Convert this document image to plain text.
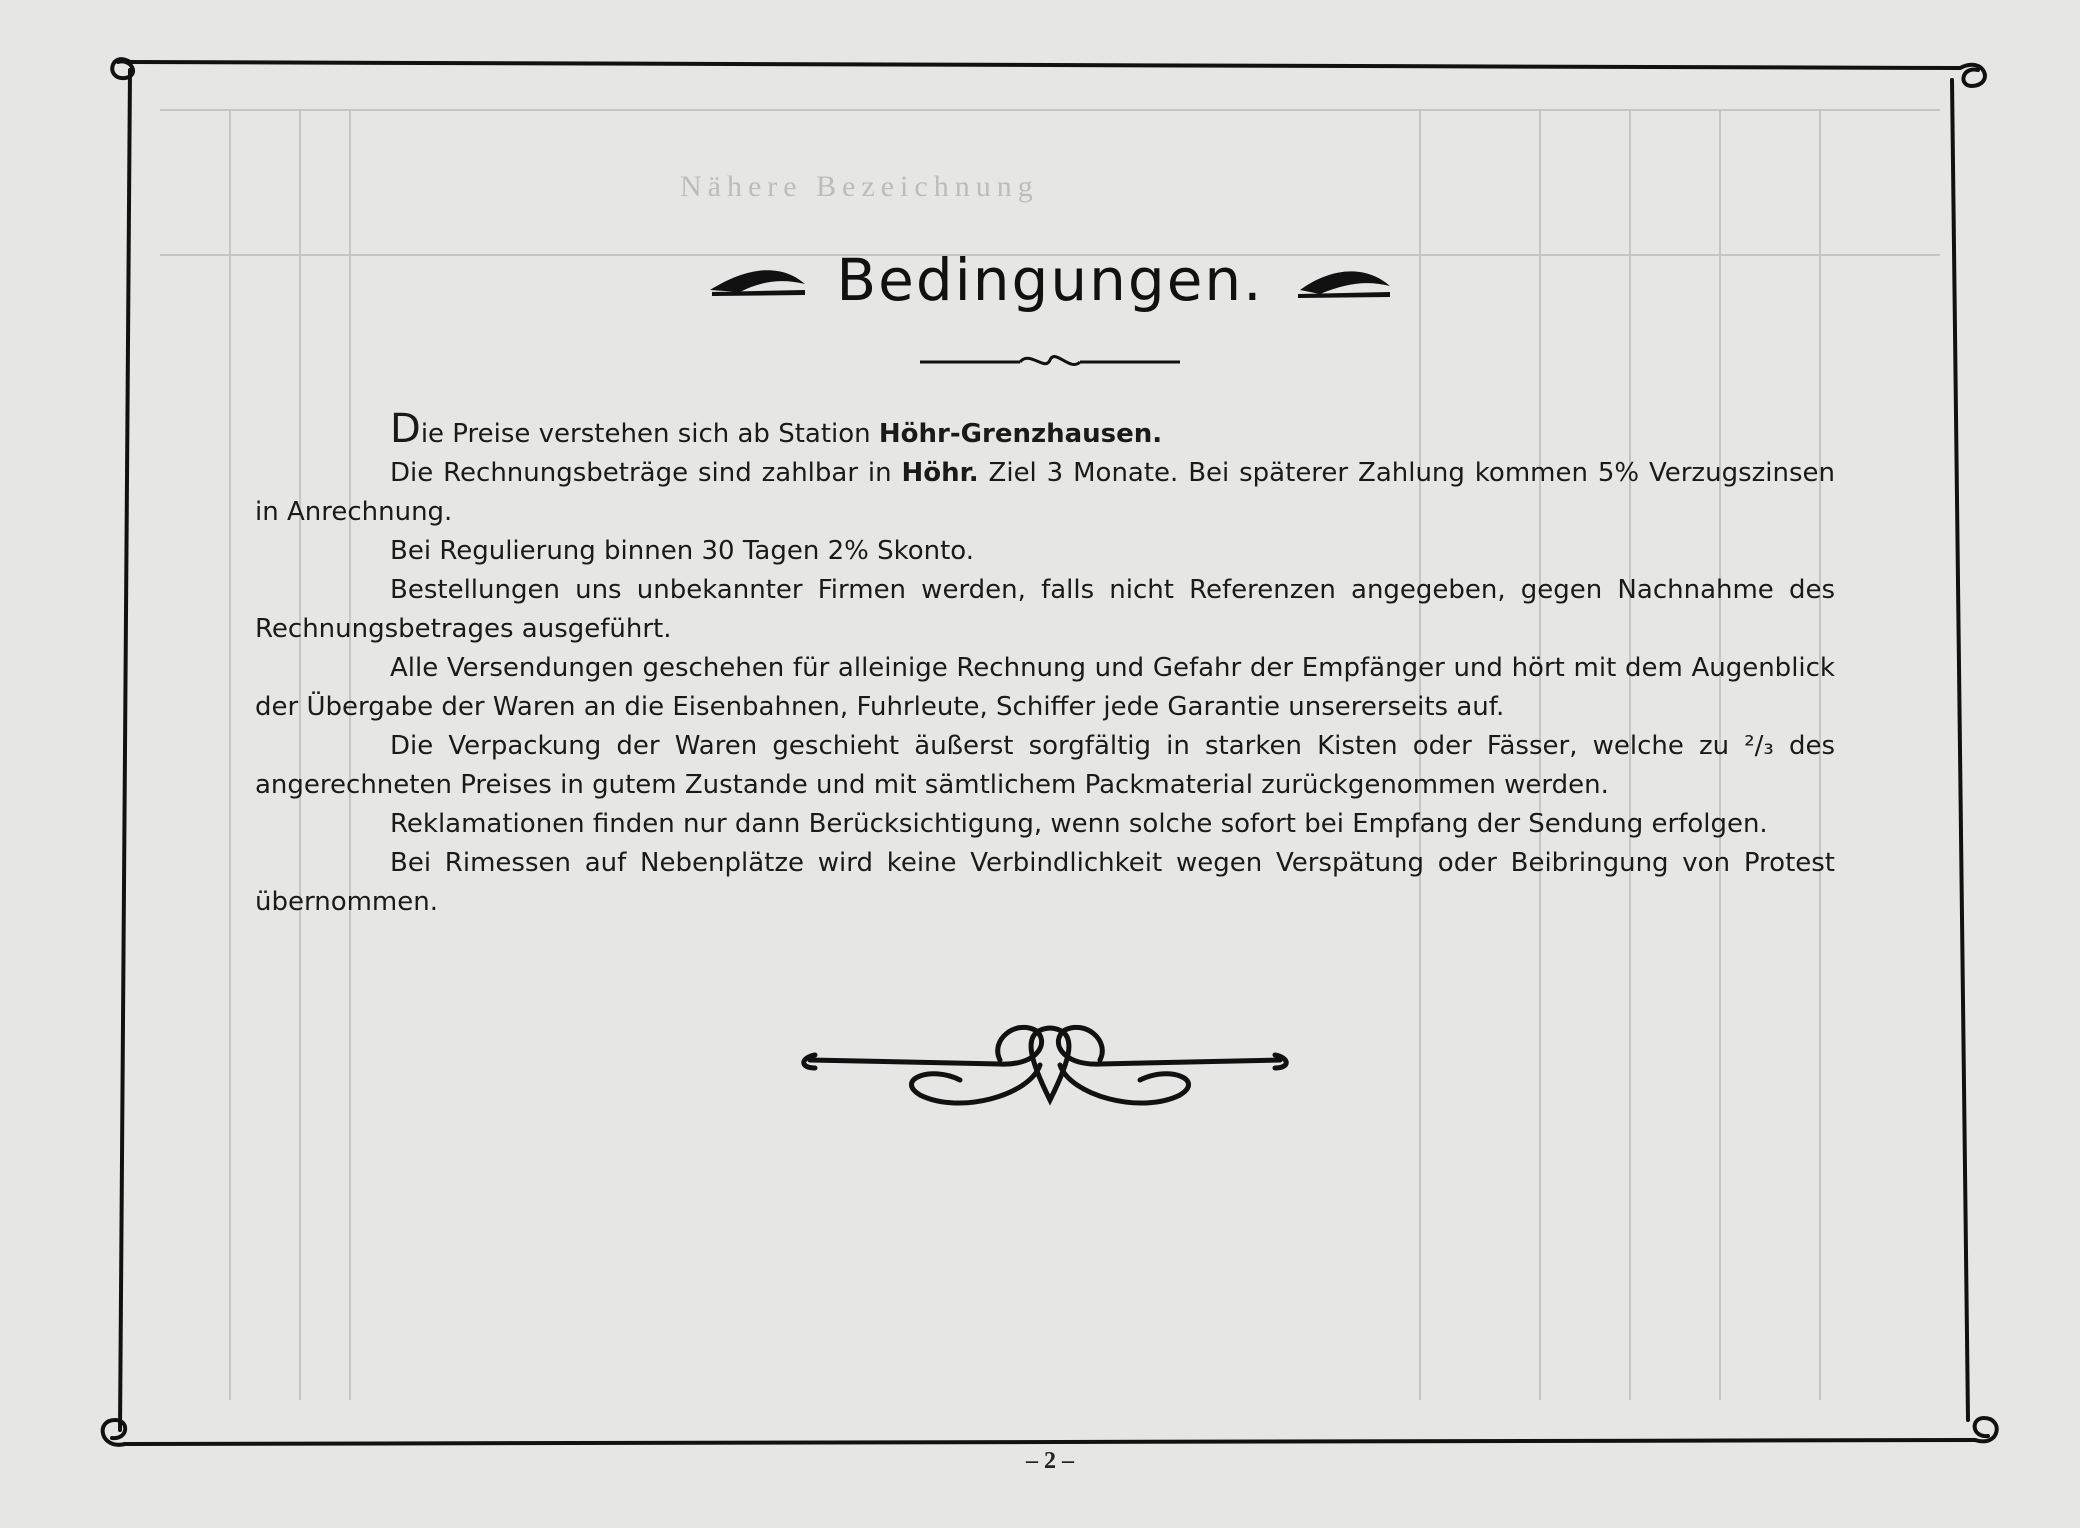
Nähere Bezeichnung
Bedingungen.

Die Preise verstehen sich ab Station Höhr-Grenzhausen.

Die Rechnungsbeträge sind zahlbar in Höhr. Ziel 3 Monate. Bei späterer Zahlung kommen 5% Verzugszinsen in Anrechnung.

Bei Regulierung binnen 30 Tagen 2% Skonto.

Bestellungen uns unbekannter Firmen werden, falls nicht Referenzen angegeben, gegen Nachnahme des Rechnungsbetrages ausgeführt.

Alle Versendungen geschehen für alleinige Rechnung und Gefahr der Empfänger und hört mit dem Augenblick der Übergabe der Waren an die Eisenbahnen, Fuhrleute, Schiffer jede Garantie unsererseits auf.

Die Verpackung der Waren geschieht äußerst sorgfältig in starken Kisten oder Fässer, welche zu ²/₃ des angerechneten Preises in gutem Zustande und mit sämtlichem Packmaterial zurückgenommen werden.

Reklamationen finden nur dann Berücksichtigung, wenn solche sofort bei Empfang der Sendung erfolgen.

Bei Rimessen auf Nebenplätze wird keine Verbindlichkeit wegen Verspätung oder Beibringung von Protest übernommen.

– 2 –
